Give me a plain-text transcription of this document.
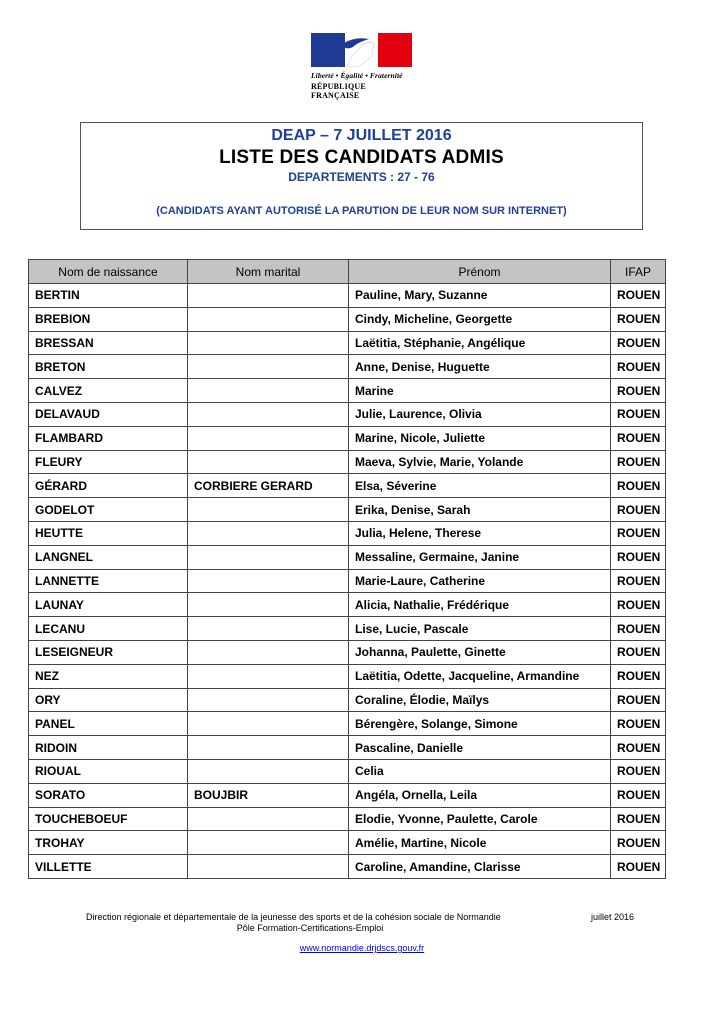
Liberté • Égalité • Fraternité
RÉPUBLIQUE FRANÇAISE
DEAP – 7 JUILLET 2016
LISTE DES CANDIDATS ADMIS
DEPARTEMENTS : 27 - 76
(CANDIDATS AYANT AUTORISÉ LA PARUTION DE LEUR NOM SUR INTERNET)
Nom de naissance	Nom marital	Prénom	IFAP
BERTIN		Pauline, Mary, Suzanne	ROUEN
BREBION		Cindy, Micheline, Georgette	ROUEN
BRESSAN		Laëtitia, Stéphanie, Angélique	ROUEN
BRETON		Anne, Denise, Huguette	ROUEN
CALVEZ		Marine	ROUEN
DELAVAUD		Julie, Laurence, Olivia	ROUEN
FLAMBARD		Marine, Nicole, Juliette	ROUEN
FLEURY		Maeva, Sylvie, Marie, Yolande	ROUEN
GÉRARD	CORBIERE GERARD	Elsa, Séverine	ROUEN
GODELOT		Erika, Denise, Sarah	ROUEN
HEUTTE		Julia, Helene, Therese	ROUEN
LANGNEL		Messaline, Germaine, Janine	ROUEN
LANNETTE		Marie-Laure, Catherine	ROUEN
LAUNAY		Alicia, Nathalie, Frédérique	ROUEN
LECANU		Lise, Lucie, Pascale	ROUEN
LESEIGNEUR		Johanna, Paulette, Ginette	ROUEN
NEZ		Laëtitia, Odette, Jacqueline, Armandine	ROUEN
ORY		Coraline, Élodie, Maïlys	ROUEN
PANEL		Bérengère, Solange, Simone	ROUEN
RIDOIN		Pascaline, Danielle	ROUEN
RIOUAL		Celia	ROUEN
SORATO	BOUJBIR	Angéla, Ornella, Leila	ROUEN
TOUCHEBOEUF		Elodie, Yvonne, Paulette, Carole	ROUEN
TROHAY		Amélie, Martine, Nicole	ROUEN
VILLETTE		Caroline, Amandine, Clarisse	ROUEN
Direction régionale et départementale de la jeunesse des sports et de la cohésion sociale de Normandie	juillet 2016
Pôle Formation-Certifications-Emploi
www.normandie.drjdscs.gouv.fr
